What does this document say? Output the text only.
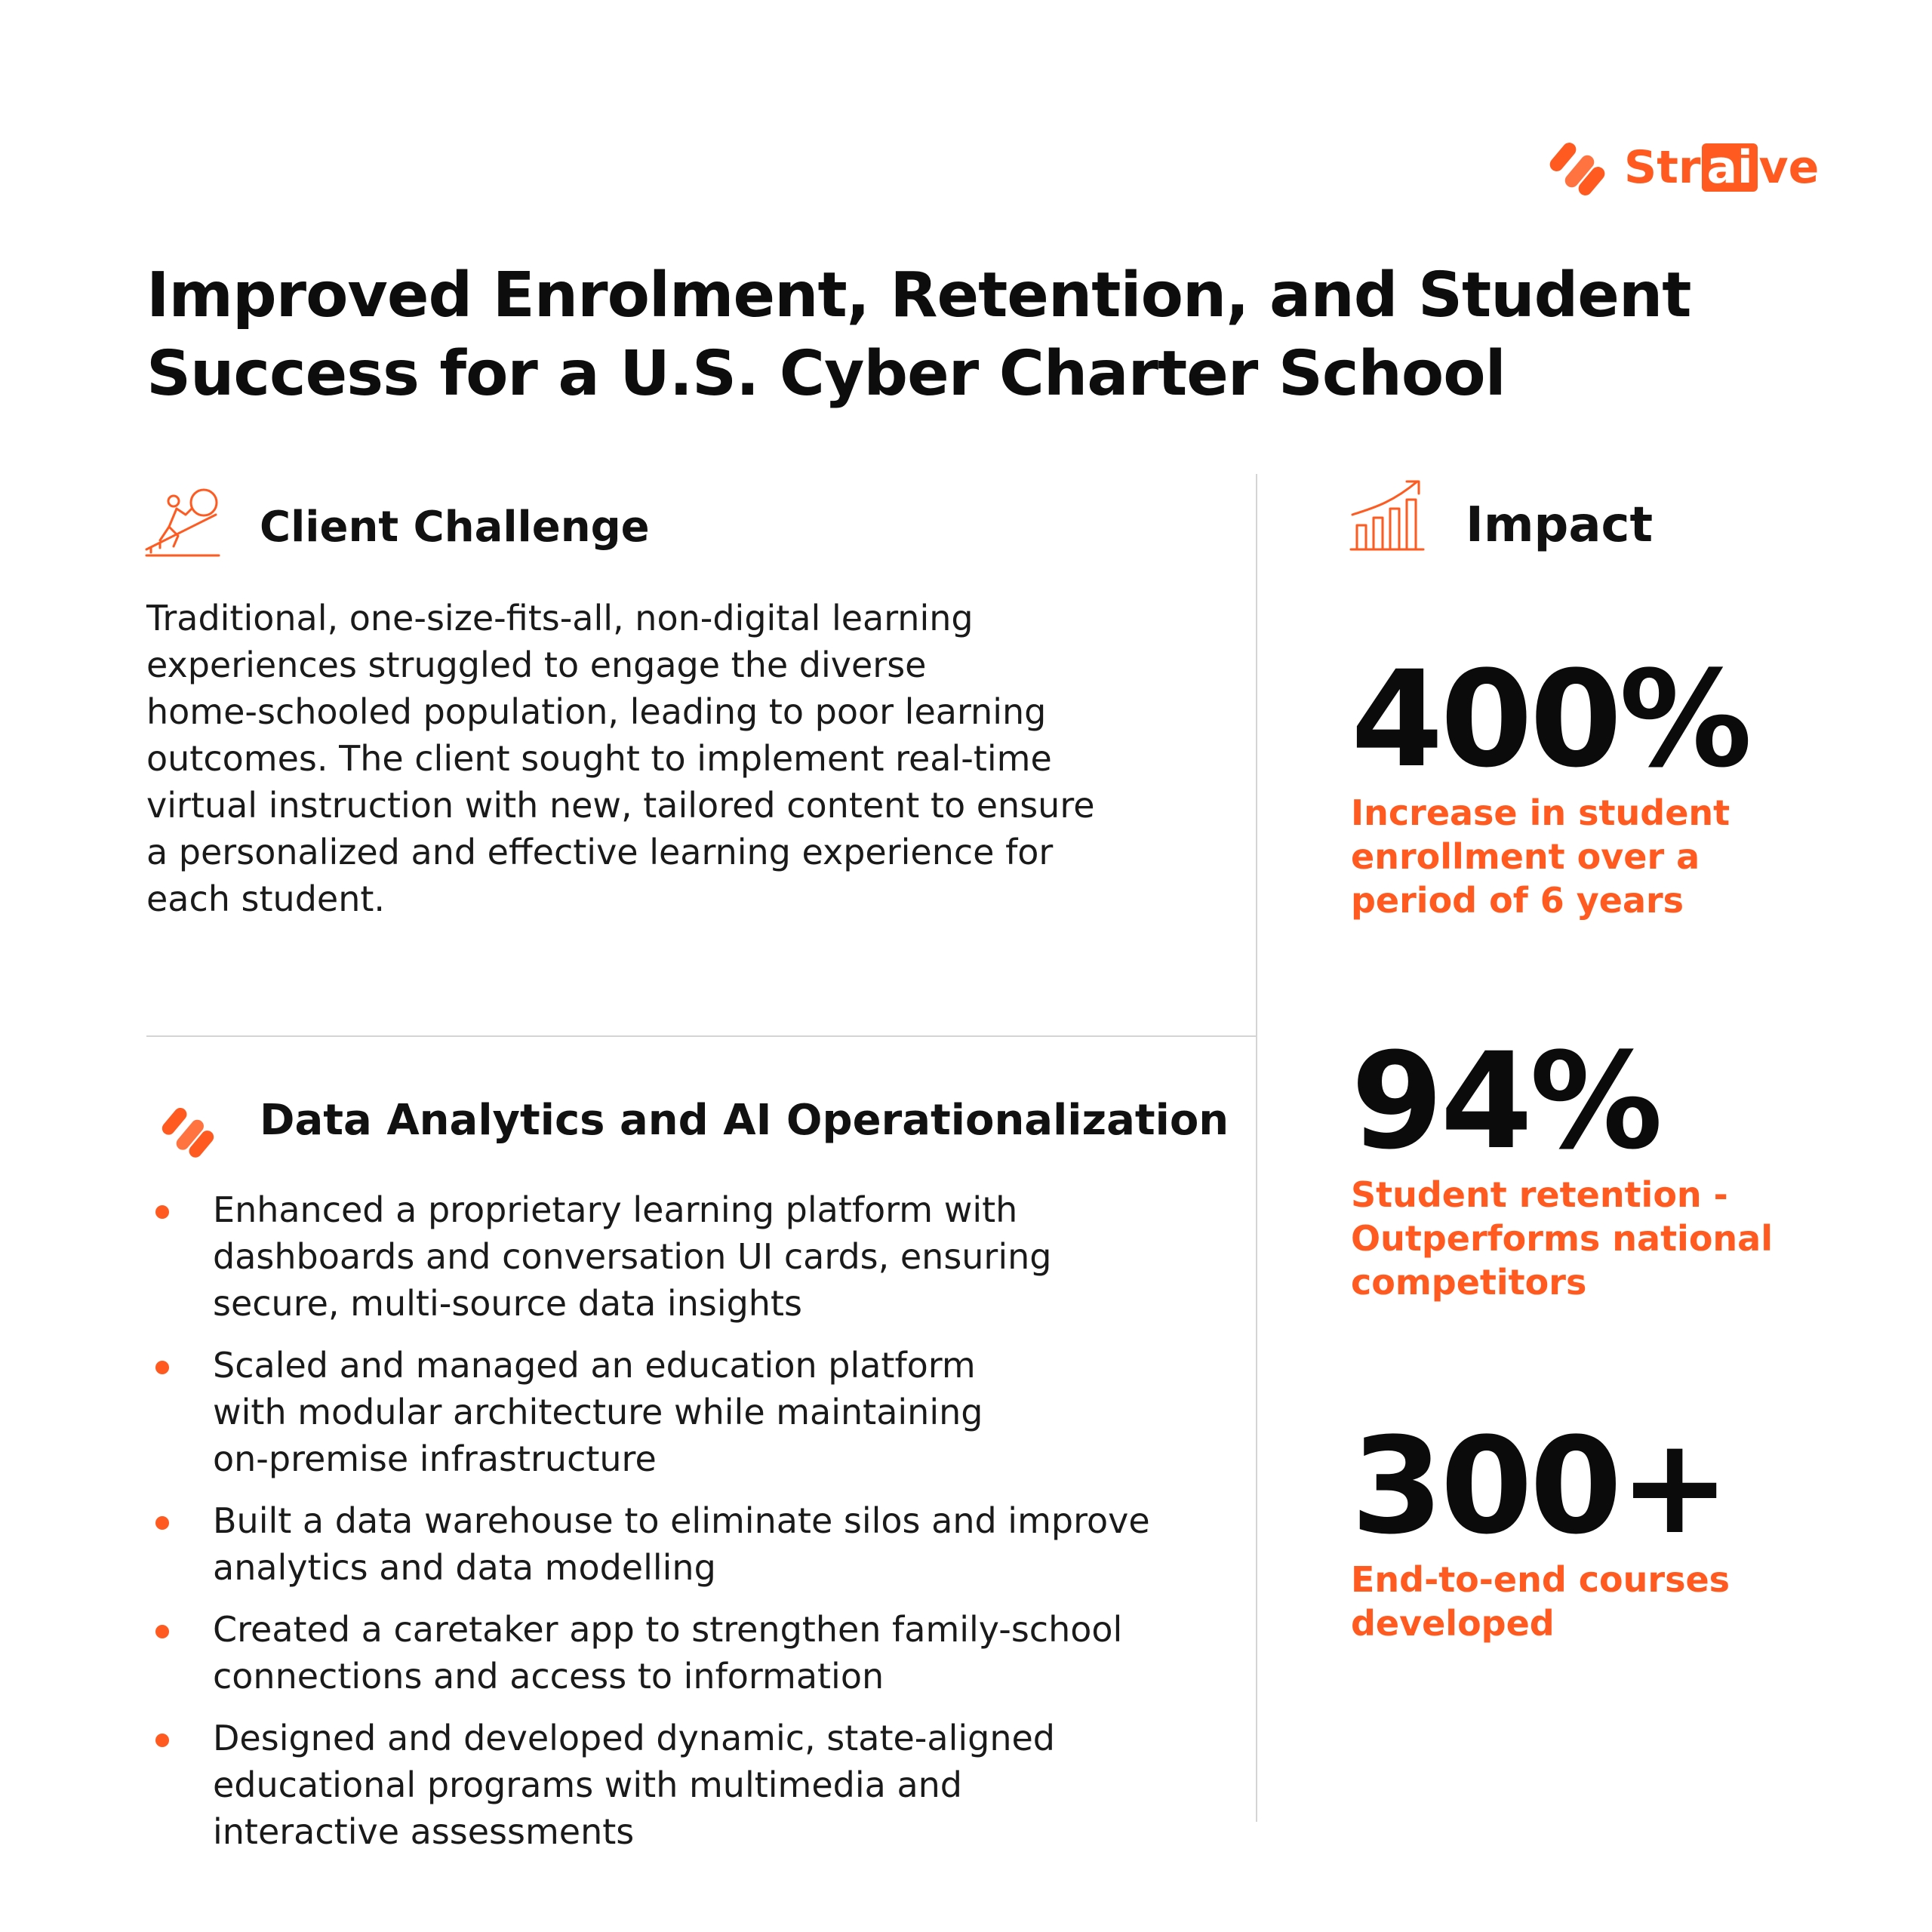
Str ai ve
Improved Enrolment, Retention, and Student
Success for a U.S. Cyber Charter School
Client Challenge
Traditional, one-size-fits-all, non-digital learning
experiences struggled to engage the diverse
home-schooled population, leading to poor learning
outcomes. The client sought to implement real-time
virtual instruction with new, tailored content to ensure
a personalized and effective learning experience for
each student.
Data Analytics and AI Operationalization
Enhanced a proprietary learning platform with
dashboards and conversation UI cards, ensuring
secure, multi-source data insights
Scaled and managed an education platform
with modular architecture while maintaining
on-premise infrastructure
Built a data warehouse to eliminate silos and improve
analytics and data modelling
Created a caretaker app to strengthen family-school
connections and access to information
Designed and developed dynamic, state-aligned
educational programs with multimedia and
interactive assessments
Impact
400%
Increase in student
enrollment over a
period of 6 years
94%
Student retention -
Outperforms national
competitors
300+
End-to-end courses
developed
